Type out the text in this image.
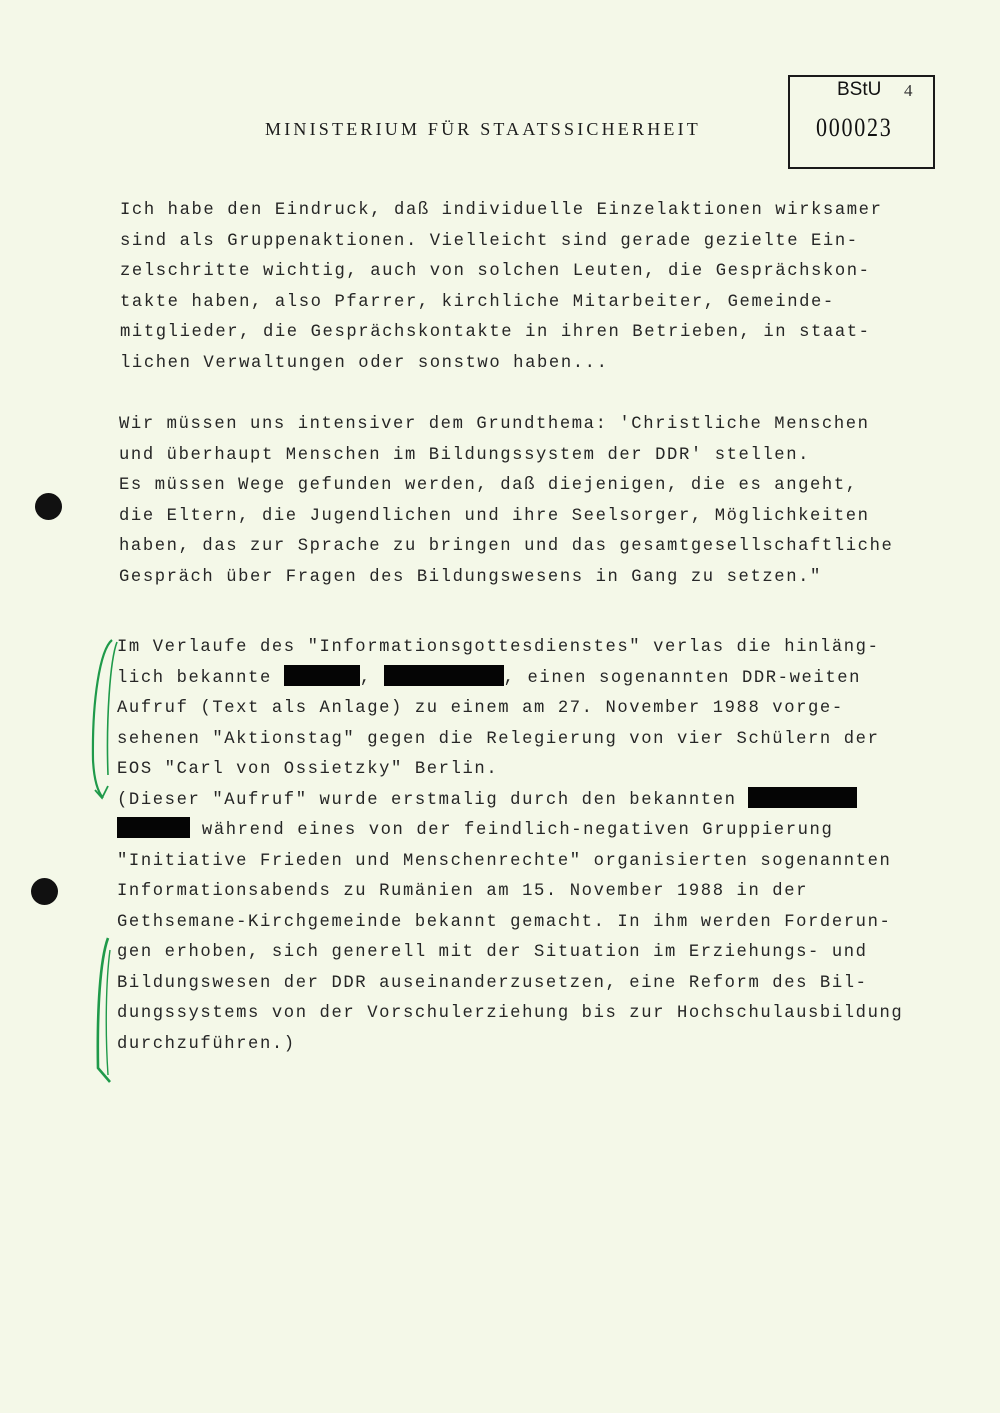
MINISTERIUM FÜR STAATSSICHERHEIT
BStU 4
000023
Ich habe den Eindruck, daß individuelle Einzelaktionen wirksamer
sind als Gruppenaktionen. Vielleicht sind gerade gezielte Ein-
zelschritte wichtig, auch von solchen Leuten, die Gesprächskon-
takte haben, also Pfarrer, kirchliche Mitarbeiter, Gemeinde-
mitglieder, die Gesprächskontakte in ihren Betrieben, in staat-
lichen Verwaltungen oder sonstwo haben...
Wir müssen uns intensiver dem Grundthema: 'Christliche Menschen
und überhaupt Menschen im Bildungssystem der DDR' stellen.
Es müssen Wege gefunden werden, daß diejenigen, die es angeht,
die Eltern, die Jugendlichen und ihre Seelsorger, Möglichkeiten
haben, das zur Sprache zu bringen und das gesamtgesellschaftliche
Gespräch über Fragen des Bildungswesens in Gang zu setzen."
Im Verlaufe des "Informationsgottesdienstes" verlas die hinläng-
lich bekannte	,	, einen sogenannten DDR-weiten
Aufruf (Text als Anlage) zu einem am 27. November 1988 vorge-
sehenen "Aktionstag" gegen die Relegierung von vier Schülern der
EOS "Carl von Ossietzky" Berlin.
(Dieser "Aufruf" wurde erstmalig durch den bekannten
während eines von der feindlich-negativen Gruppierung
"Initiative Frieden und Menschenrechte" organisierten sogenannten
Informationsabends zu Rumänien am 15. November 1988 in der
Gethsemane-Kirchgemeinde bekannt gemacht. In ihm werden Forderun-
gen erhoben, sich generell mit der Situation im Erziehungs- und
Bildungswesen der DDR auseinanderzusetzen, eine Reform des Bil-
dungssystems von der Vorschulerziehung bis zur Hochschulausbildung
durchzuführen.)
